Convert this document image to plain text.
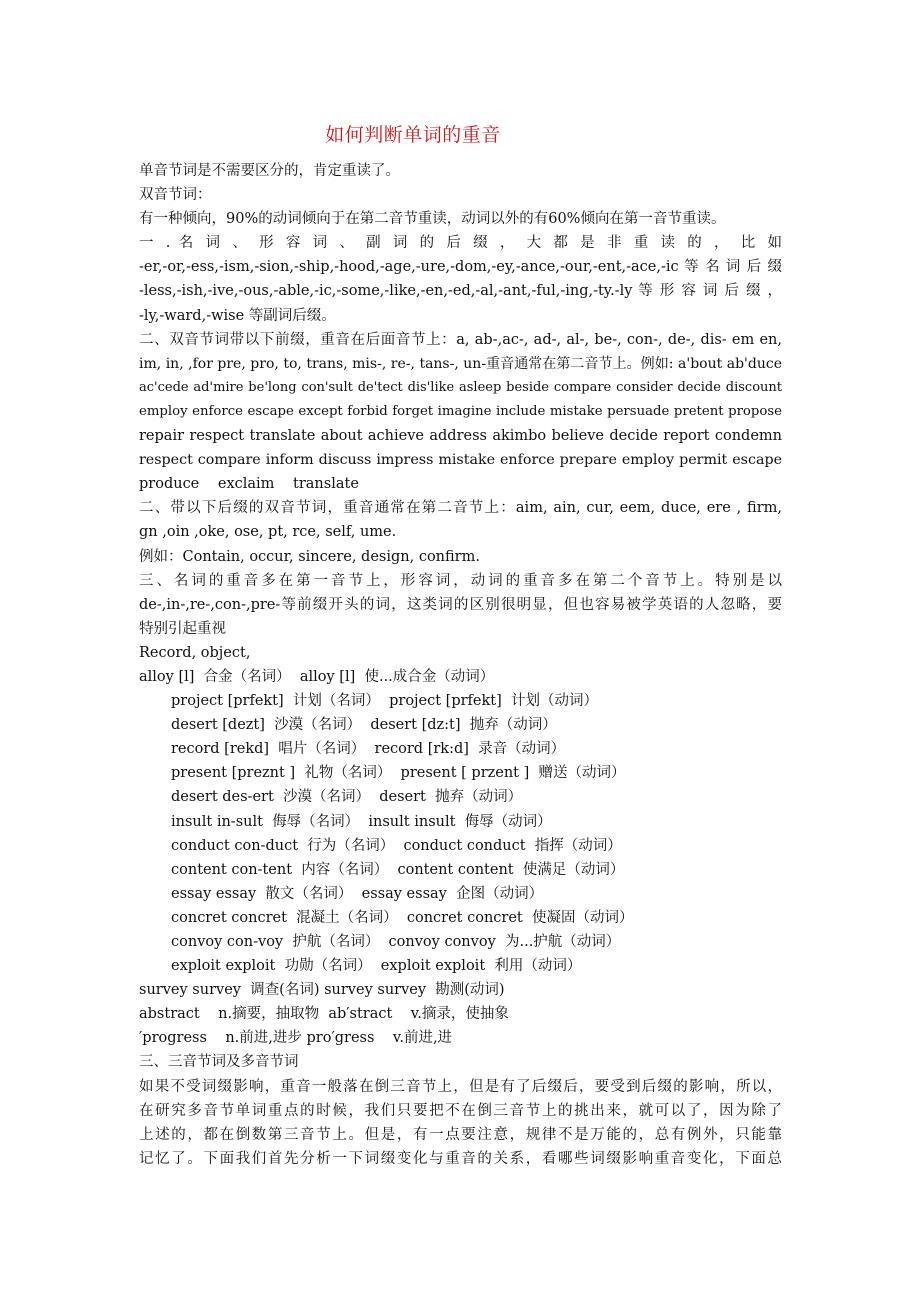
如何判断单词的重音

单音节词是不需要区分的，肯定重读了。

双音节词：

有一种倾向，90%的动词倾向于在第二音节重读，动词以外的有60%倾向在第一音节重读。

一 . 名 词 、 形 容 词 、 副 词 的 后 缀 ， 大 都 是 非 重 读 的 ， 比 如

-er,-or,-ess,-ism,-sion,-ship,-hood,-age,-ure,-dom,-ey,-ance,-our,-ent,-ace,-ic 等 名 词 后 缀

-less,-ish,-ive,-ous,-able,-ic,-some,-like,-en,-ed,-al,-ant,-ful,-ing,-ty.-ly 等 形 容 词 后 缀 ，

-ly,-ward,-wise 等副词后缀。

二、双音节词带以下前缀，重音在后面音节上：a, ab-,ac-, ad-, al-, be-, con-, de-, dis- em en,

im, in, ,for pre, pro, to, trans, mis-, re-, tans-, un-重音通常在第二音节上。例如: a'bout ab'duce

ac'cede ad'mire be'long con'sult de'tect dis'like asleep beside compare consider decide discount

employ enforce escape except forbid forget imagine include mistake persuade pretent propose

repair respect translate about achieve address akimbo believe decide report condemn

respect compare inform discuss impress mistake enforce prepare employ permit escape

produce exclaim translate

二、带以下后缀的双音节词，重音通常在第二音节上：aim, ain, cur, eem, duce, ere , firm,

gn ,oin ,oke, ose, pt, rce, self, ume.

例如：Contain, occur, sincere, design, confirm.

三、名词的重音多在第一音节上，形容词，动词的重音多在第二个音节上。特别是以

de-,in-,re-,con-,pre-等前缀开头的词，这类词的区别很明显，但也容易被学英语的人忽略，要

特别引起重视

Record, object,

alloy [l]  合金（名词）  alloy [l]  使...成合金（动词）

project [prfekt]  计划（名词）  project [prfekt]  计划（动词）

desert [dezt]  沙漠（名词）  desert [dz:t]  抛弃（动词）

record [rekd]  唱片（名词）  record [rk:d]  录音（动词）

present [preznt ]  礼物（名词）  present [ przent ]  赠送（动词）

desert des-ert  沙漠（名词）  desert  抛弃（动词）

insult in-sult  侮辱（名词）  insult insult  侮辱（动词）

conduct con-duct  行为（名词）  conduct conduct  指挥（动词）

content con-tent  内容（名词）  content content  使满足（动词）

essay essay  散文（名词）  essay essay  企图（动词）

concret concret  混凝土（名词）  concret concret  使凝固（动词）

convoy con-voy  护航（名词）  convoy convoy  为...护航（动词）

exploit exploit  功勋（名词）  exploit exploit  利用（动词）

survey survey  调查(名词) survey survey  勘测(动词)

abstract    n.摘要，抽取物  ab′stract    v.摘录，使抽象

′progress    n.前进,进步 pro′gress    v.前进,进

三、三音节词及多音节词

如果不受词缀影响，重音一般落在倒三音节上，但是有了后缀后，要受到后缀的影响，所以，

在研究多音节单词重点的时候，我们只要把不在倒三音节上的挑出来，就可以了，因为除了

上述的，都在倒数第三音节上。但是，有一点要注意，规律不是万能的，总有例外，只能靠

记忆了。下面我们首先分析一下词缀变化与重音的关系，看哪些词缀影响重音变化，下面总
